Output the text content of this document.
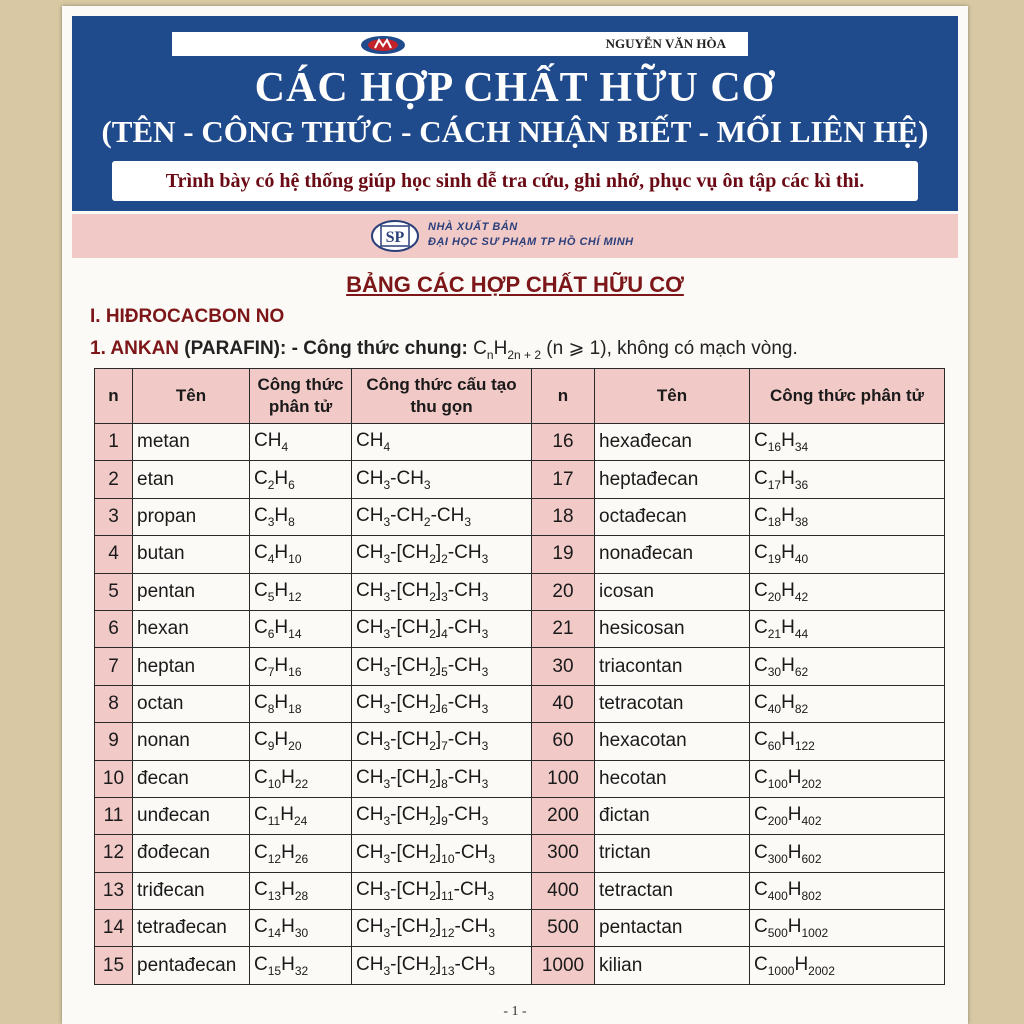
NGUYỄN VĂN HÒA
CÁC HỢP CHẤT HỮU CƠ
(TÊN - CÔNG THỨC - CÁCH NHẬN BIẾT - MỐI LIÊN HỆ)
Trình bày có hệ thống giúp học sinh dễ tra cứu, ghi nhớ, phục vụ ôn tập các kì thi.
SP
NHÀ XUẤT BẢN
ĐẠI HỌC SƯ PHẠM TP HỒ CHÍ MINH
BẢNG CÁC HỢP CHẤT HỮU CƠ
I. HIĐROCACBON NO
1. ANKAN (PARAFIN): - Công thức chung: $C_nH_{2n + 2}$ (n ⩾ 1), không có mạch vòng.
n	Tên	Công thức phân tử	Công thức cấu tạo thu gọn	n	Tên	Công thức phân tử
1	metan	$CH_4$	$CH_4$	16	hexađecan	$C_{16}H_{34}$
2	etan	$C_2H_6$	$CH_3-CH_3$	17	heptađecan	$C_{17}H_{36}$
3	propan	$C_3H_8$	$CH_3-CH_2-CH_3$	18	octađecan	$C_{18}H_{38}$
4	butan	$C_4H_{10}$	$CH_3-[CH_2]_2-CH_3$	19	nonađecan	$C_{19}H_{40}$
5	pentan	$C_5H_{12}$	$CH_3-[CH_2]_3-CH_3$	20	icosan	$C_{20}H_{42}$
6	hexan	$C_6H_{14}$	$CH_3-[CH_2]_4-CH_3$	21	hesicosan	$C_{21}H_{44}$
7	heptan	$C_7H_{16}$	$CH_3-[CH_2]_5-CH_3$	30	triacontan	$C_{30}H_{62}$
8	octan	$C_8H_{18}$	$CH_3-[CH_2]_6-CH_3$	40	tetracotan	$C_{40}H_{82}$
9	nonan	$C_9H_{20}$	$CH_3-[CH_2]_7-CH_3$	60	hexacotan	$C_{60}H_{122}$
10	đecan	$C_{10}H_{22}$	$CH_3-[CH_2]_8-CH_3$	100	hecotan	$C_{100}H_{202}$
11	unđecan	$C_{11}H_{24}$	$CH_3-[CH_2]_9-CH_3$	200	đictan	$C_{200}H_{402}$
12	đođecan	$C_{12}H_{26}$	$CH_3-[CH_2]_{10}-CH_3$	300	trictan	$C_{300}H_{602}$
13	triđecan	$C_{13}H_{28}$	$CH_3-[CH_2]_{11}-CH_3$	400	tetractan	$C_{400}H_{802}$
14	tetrađecan	$C_{14}H_{30}$	$CH_3-[CH_2]_{12}-CH_3$	500	pentactan	$C_{500}H_{1002}$
15	pentađecan	$C_{15}H_{32}$	$CH_3-[CH_2]_{13}-CH_3$	1000	kilian	$C_{1000}H_{2002}$
- 1 -
